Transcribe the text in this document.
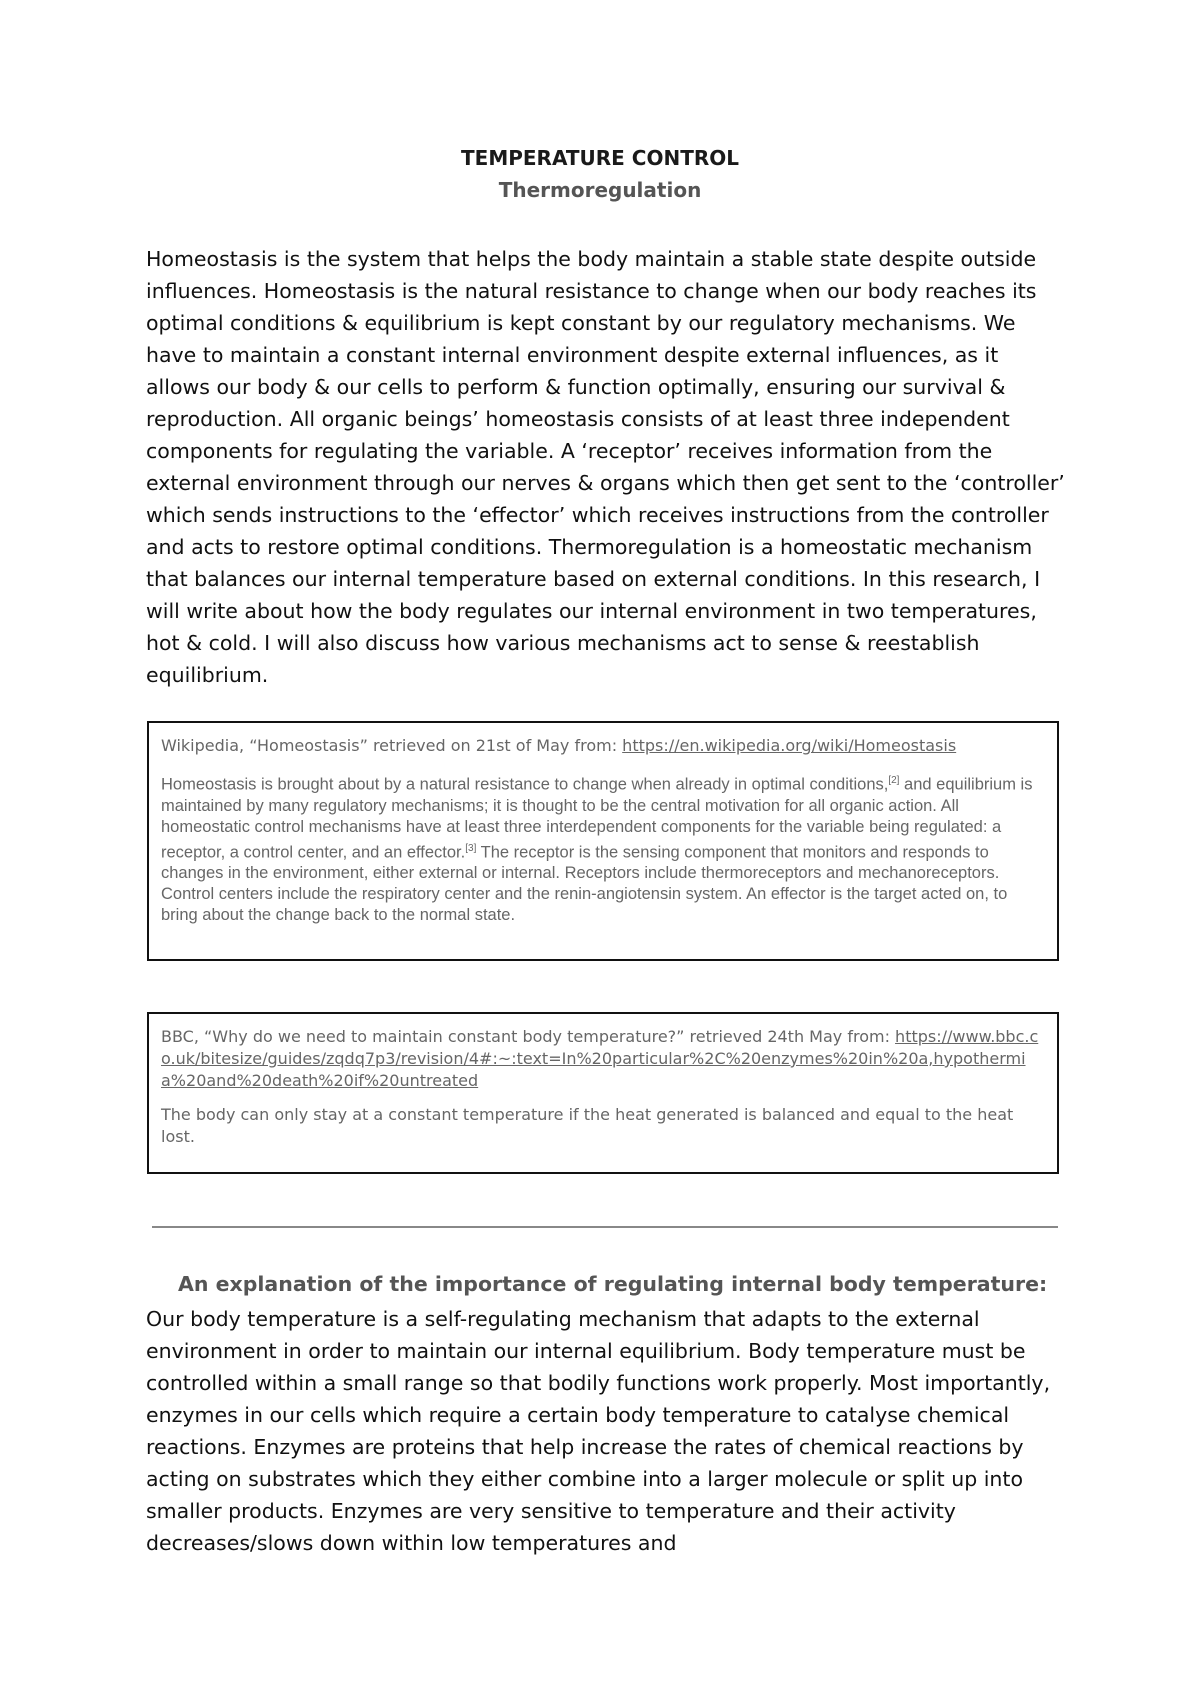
TEMPERATURE CONTROL
Thermoregulation

Homeostasis is the system that helps the body maintain a stable state despite outside influences. Homeostasis is the natural resistance to change when our body reaches its optimal conditions & equilibrium is kept constant by our regulatory mechanisms. We have to maintain a constant internal environment despite external influences, as it allows our body & our cells to perform & function optimally, ensuring our survival & reproduction. All organic beings’ homeostasis consists of at least three independent components for regulating the variable. A ‘receptor’ receives information from the external environment through our nerves & organs which then get sent to the ‘controller’ which sends instructions to the ‘effector’ which receives instructions from the controller and acts to restore optimal conditions. Thermoregulation is a homeostatic mechanism that balances our internal temperature based on external conditions. In this research, I will write about how the body regulates our internal environment in two temperatures, hot & cold. I will also discuss how various mechanisms act to sense & reestablish equilibrium.

Wikipedia, “Homeostasis” retrieved on 21st of May from: https://en.wikipedia.org/wiki/Homeostasis

Homeostasis is brought about by a natural resistance to change when already in optimal conditions,[2] and equilibrium is maintained by many regulatory mechanisms; it is thought to be the central motivation for all organic action. All homeostatic control mechanisms have at least three interdependent components for the variable being regulated: a receptor, a control center, and an effector.[3] The receptor is the sensing component that monitors and responds to changes in the environment, either external or internal. Receptors include thermoreceptors and mechanoreceptors. Control centers include the respiratory center and the renin-angiotensin system. An effector is the target acted on, to bring about the change back to the normal state.

BBC, “Why do we need to maintain constant body temperature?” retrieved 24th May from: https://www.bbc.co.uk/bitesize/guides/zqdq7p3/revision/4#:~:text=In%20particular%2C%20enzymes%20in%20a,hypothermia%20and%20death%20if%20untreated

The body can only stay at a constant temperature if the heat generated is balanced and equal to the heat lost.

An explanation of the importance of regulating internal body temperature:

Our body temperature is a self-regulating mechanism that adapts to the external environment in order to maintain our internal equilibrium. Body temperature must be controlled within a small range so that bodily functions work properly. Most importantly, enzymes in our cells which require a certain body temperature to catalyse chemical reactions. Enzymes are proteins that help increase the rates of chemical reactions by acting on substrates which they either combine into a larger molecule or split up into smaller products. Enzymes are very sensitive to temperature and their activity decreases/slows down within low temperatures and
